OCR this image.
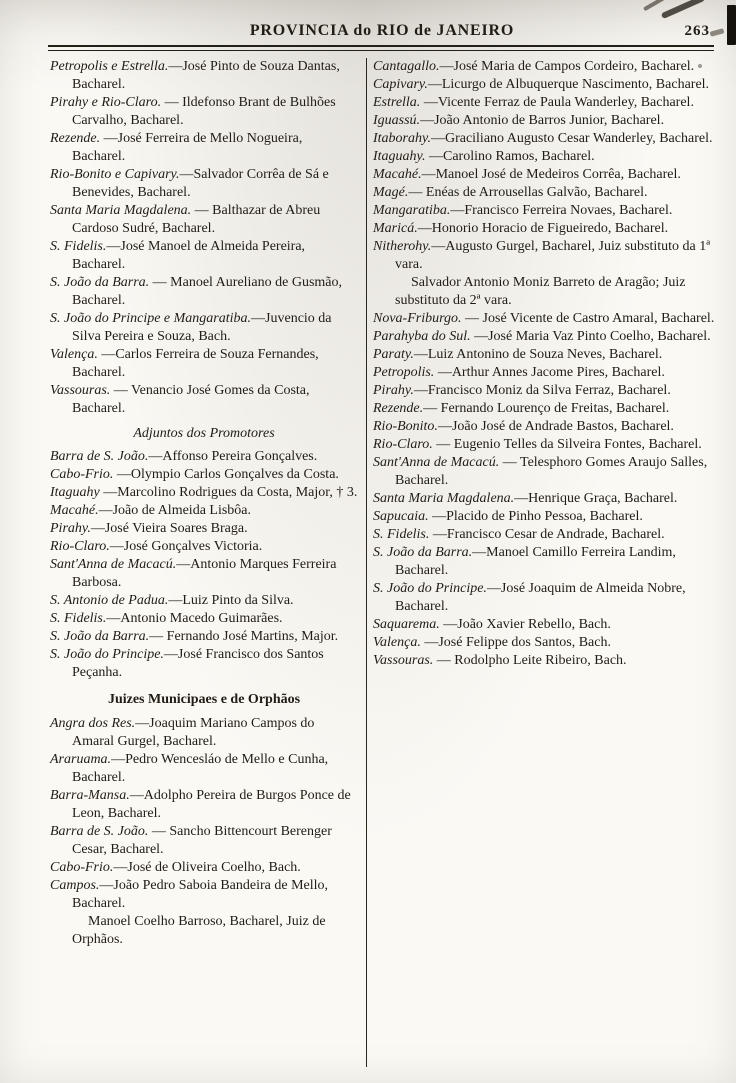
PROVINCIA do RIO de JANEIRO	263
Petropolis e Estrella.—José Pinto de Souza Dantas, Bacharel.
Pirahy e Rio-Claro. — Ildefonso Brant de Bulhões Carvalho, Bacharel.
Rezende. —José Ferreira de Mello Nogueira, Bacharel.
Rio-Bonito e Capivary.—Salvador Corrêa de Sá e Benevides, Bacharel.
Santa Maria Magdalena. — Balthazar de Abreu Cardoso Sudré, Bacharel.
S. Fidelis.—José Manoel de Almeida Pereira, Bacharel.
S. João da Barra. — Manoel Aureliano de Gusmão, Bacharel.
S. João do Principe e Mangaratiba.—Juvencio da Silva Pereira e Souza, Bach.
Valença. —Carlos Ferreira de Souza Fernandes, Bacharel.
Vassouras. — Venancio José Gomes da Costa, Bacharel.
Adjuntos dos Promotores
Barra de S. João.—Affonso Pereira Gonçalves.
Cabo-Frio. —Olympio Carlos Gonçalves da Costa.
Itaguahy —Marcolino Rodrigues da Costa, Major, † 3.
Macahé.—João de Almeida Lisbôa.
Pirahy.—José Vieira Soares Braga.
Rio-Claro.—José Gonçalves Victoria.
Sant'Anna de Macacú.—Antonio Marques Ferreira Barbosa.
S. Antonio de Padua.—Luiz Pinto da Silva.
S. Fidelis.—Antonio Macedo Guimarães.
S. João da Barra.— Fernando José Martins, Major.
S. João do Principe.—José Francisco dos Santos Peçanha.
Juizes Municipaes e de Orphãos
Angra dos Res.—Joaquim Mariano Campos do Amaral Gurgel, Bacharel.
Araruama.—Pedro Wencesláo de Mello e Cunha, Bacharel.
Barra-Mansa.—Adolpho Pereira de Burgos Ponce de Leon, Bacharel.
Barra de S. João. — Sancho Bittencourt Berenger Cesar, Bacharel.
Cabo-Frio.—José de Oliveira Coelho, Bach.
Campos.—João Pedro Saboia Bandeira de Mello, Bacharel.
Manoel Coelho Barroso, Bacharel, Juiz de Orphãos.
Cantagallo.—José Maria de Campos Cordeiro, Bacharel.
Capivary.—Licurgo de Albuquerque Nascimento, Bacharel.
Estrella. —Vicente Ferraz de Paula Wanderley, Bacharel.
Iguassú.—João Antonio de Barros Junior, Bacharel.
Itaborahy.—Graciliano Augusto Cesar Wanderley, Bacharel.
Itaguahy. —Carolino Ramos, Bacharel.
Macahé.—Manoel José de Medeiros Corrêa, Bacharel.
Magé.— Enéas de Arrousellas Galvão, Bacharel.
Mangaratiba.—Francisco Ferreira Novaes, Bacharel.
Maricá.—Honorio Horacio de Figueiredo, Bacharel.
Nitherohy.—Augusto Gurgel, Bacharel, Juiz substituto da 1ª vara.
Salvador Antonio Moniz Barreto de Aragão; Juiz substituto da 2ª vara.
Nova-Friburgo. — José Vicente de Castro Amaral, Bacharel.
Parahyba do Sul. —José Maria Vaz Pinto Coelho, Bacharel.
Paraty.—Luiz Antonino de Souza Neves, Bacharel.
Petropolis. —Arthur Annes Jacome Pires, Bacharel.
Pirahy.—Francisco Moniz da Silva Ferraz, Bacharel.
Rezende.— Fernando Lourenço de Freitas, Bacharel.
Rio-Bonito.—João José de Andrade Bastos, Bacharel.
Rio-Claro. — Eugenio Telles da Silveira Fontes, Bacharel.
Sant'Anna de Macacú. — Telesphoro Gomes Araujo Salles, Bacharel.
Santa Maria Magdalena.—Henrique Graça, Bacharel.
Sapucaia. —Placido de Pinho Pessoa, Bacharel.
S. Fidelis. —Francisco Cesar de Andrade, Bacharel.
S. João da Barra.—Manoel Camillo Ferreira Landim, Bacharel.
S. João do Principe.—José Joaquim de Almeida Nobre, Bacharel.
Saquarema. —João Xavier Rebello, Bach.
Valença. —José Felippe dos Santos, Bach.
Vassouras. — Rodolpho Leite Ribeiro, Bach.
